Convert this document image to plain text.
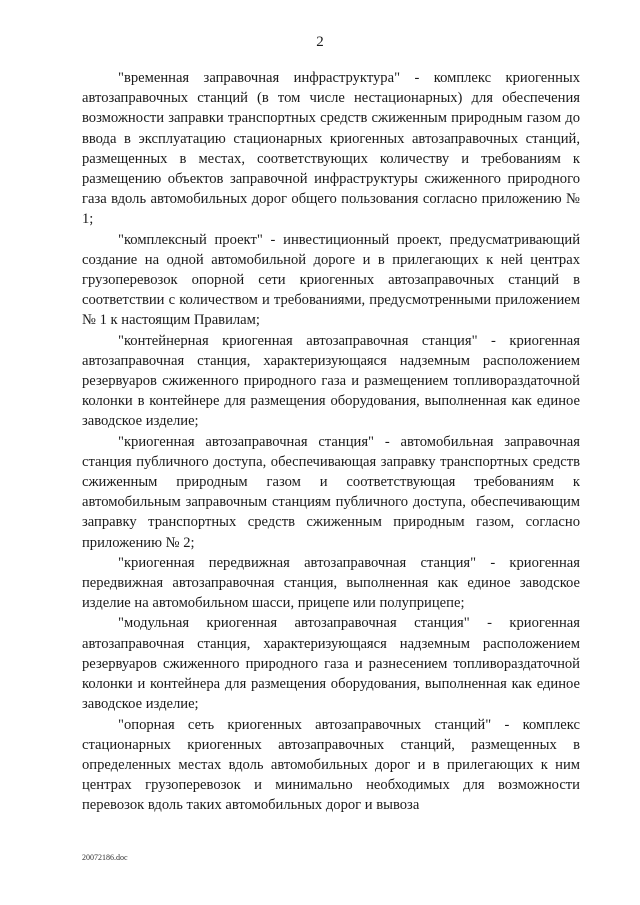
2

"временная заправочная инфраструктура" - комплекс криогенных автозаправочных станций (в том числе нестационарных) для обеспечения возможности заправки транспортных средств сжиженным природным газом до ввода в эксплуатацию стационарных криогенных автозаправочных станций, размещенных в местах, соответствующих количеству и требованиям к размещению объектов заправочной инфраструктуры сжиженного природного газа вдоль автомобильных дорог общего пользования согласно приложению № 1;

"комплексный проект" - инвестиционный проект, предусматривающий создание на одной автомобильной дороге и в прилегающих к ней центрах грузоперевозок опорной сети криогенных автозаправочных станций в соответствии с количеством и требованиями, предусмотренными приложением № 1 к настоящим Правилам;

"контейнерная криогенная автозаправочная станция" - криогенная автозаправочная станция, характеризующаяся надземным расположением резервуаров сжиженного природного газа и размещением топливораздаточной колонки в контейнере для размещения оборудования, выполненная как единое заводское изделие;

"криогенная автозаправочная станция" - автомобильная заправочная станция публичного доступа, обеспечивающая заправку транспортных средств сжиженным природным газом и соответствующая требованиям к автомобильным заправочным станциям публичного доступа, обеспечивающим заправку транспортных средств сжиженным природным газом, согласно приложению № 2;

"криогенная передвижная автозаправочная станция" - криогенная передвижная автозаправочная станция, выполненная как единое заводское изделие на автомобильном шасси, прицепе или полуприцепе;

"модульная криогенная автозаправочная станция" - криогенная автозаправочная станция, характеризующаяся надземным расположением резервуаров сжиженного природного газа и разнесением топливораздаточной колонки и контейнера для размещения оборудования, выполненная как единое заводское изделие;

"опорная сеть криогенных автозаправочных станций" - комплекс стационарных криогенных автозаправочных станций, размещенных в определенных местах вдоль автомобильных дорог и в прилегающих к ним центрах грузоперевозок и минимально необходимых для возможности перевозок вдоль таких автомобильных дорог и вывоза

20072186.doc
